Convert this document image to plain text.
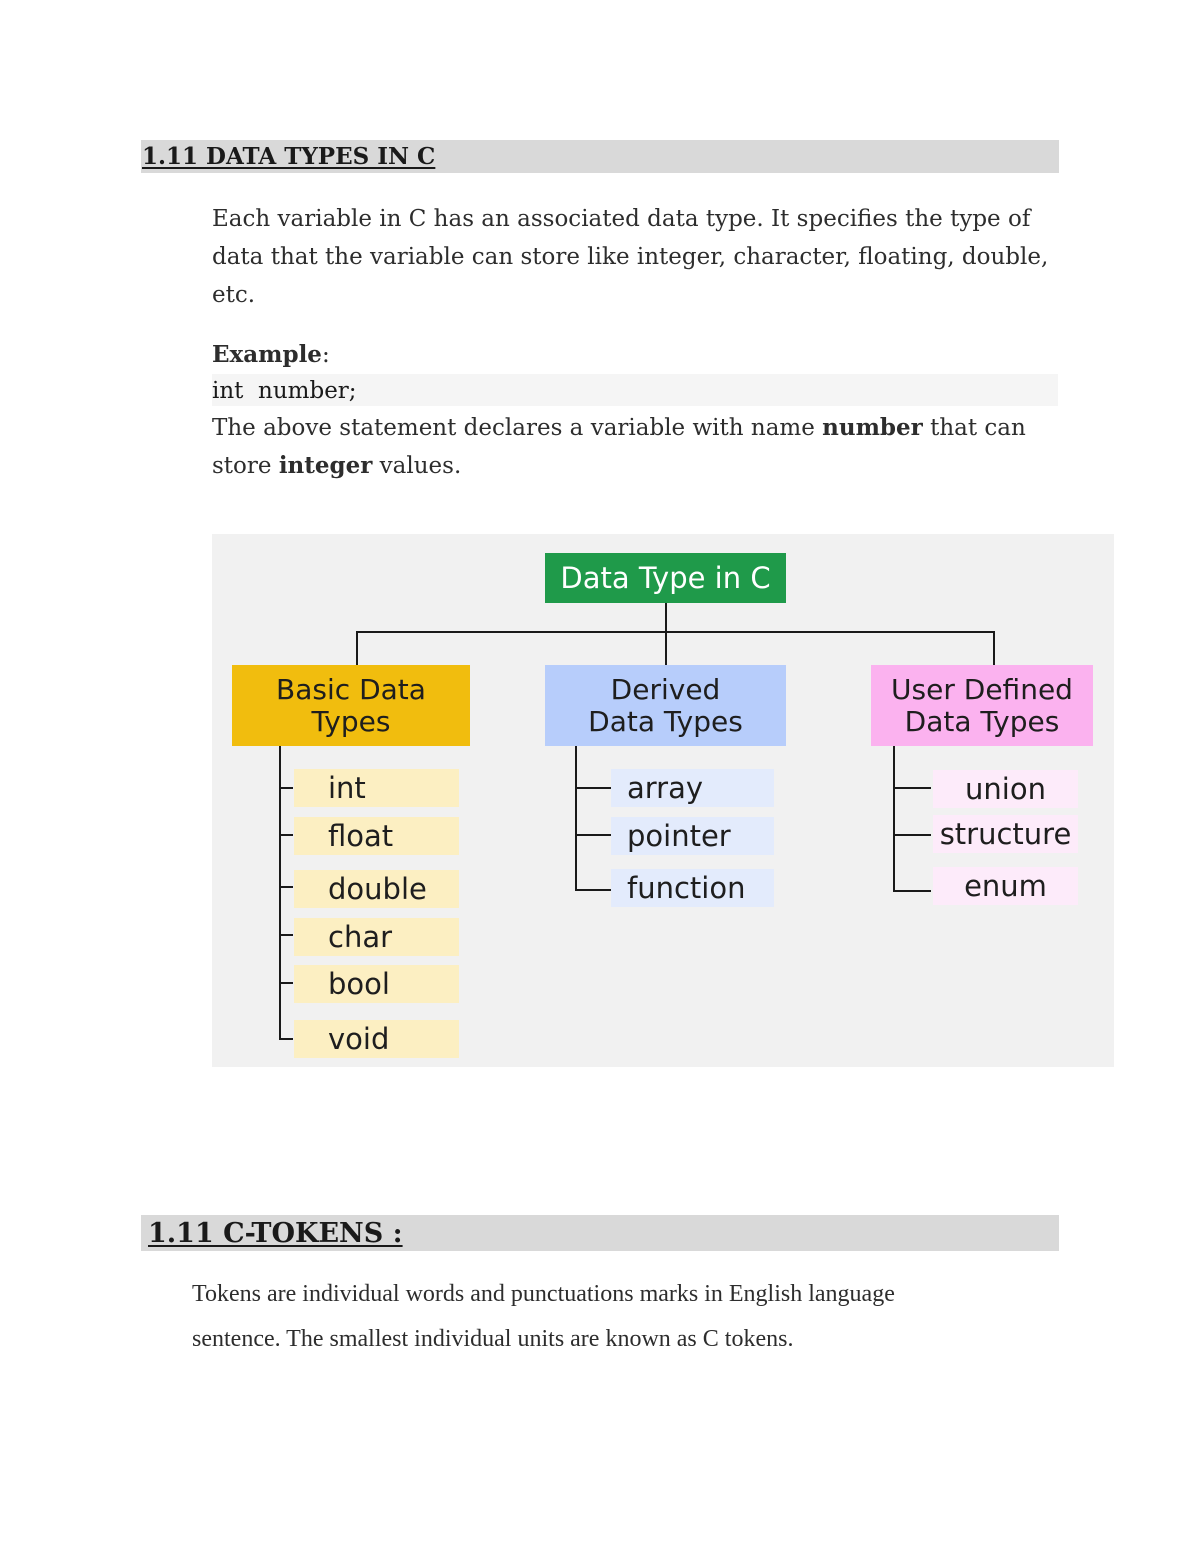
1.11 DATA TYPES IN C
Each variable in C has an associated data type. It specifies the type of
data that the variable can store like integer, character, floating, double,
etc.
Example:
int  number;
The above statement declares a variable with name number that can
store integer values.
Data Type in C
Basic Data
Types
Derived
Data Types
User Defined
Data Types
int
float
double
char
bool
void
array
pointer
function
union
structure
enum
1.11 C-TOKENS :
Tokens are individual words and punctuations marks in English language
sentence. The smallest individual units are known as C tokens.
